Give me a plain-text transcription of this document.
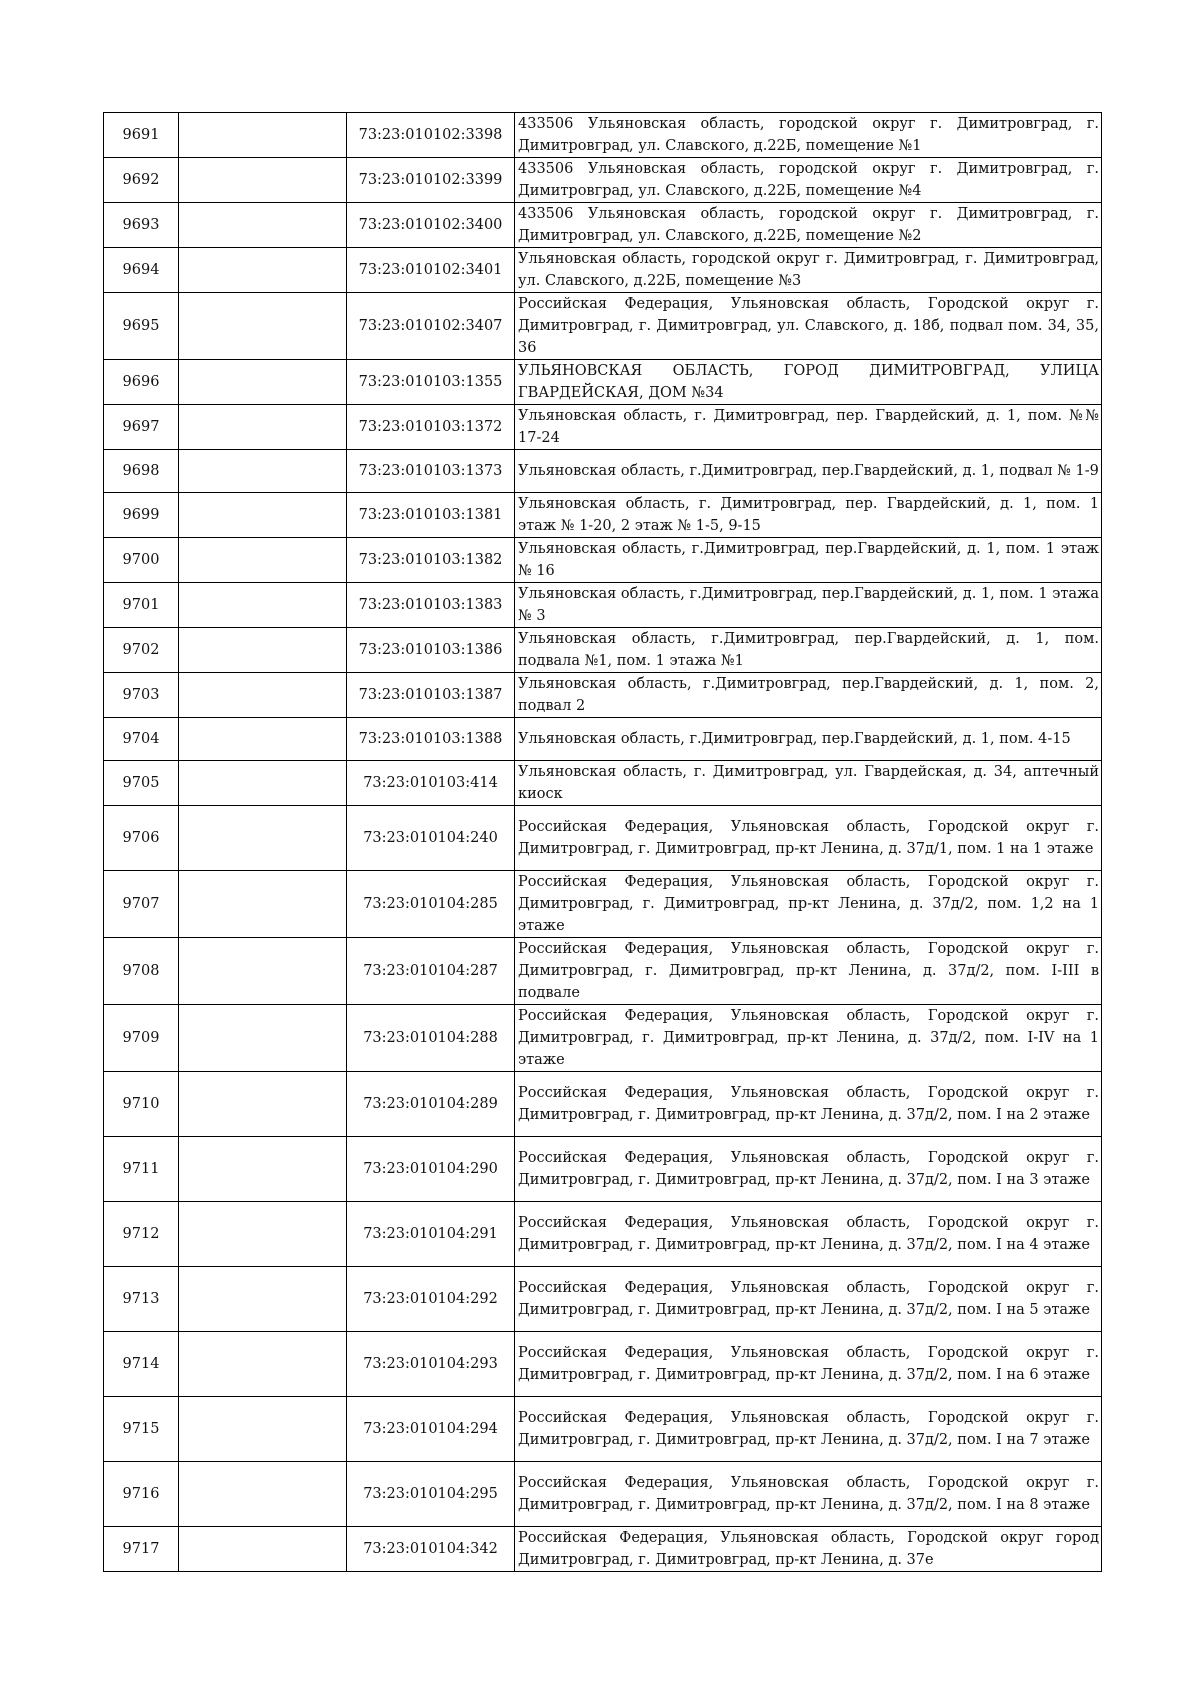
9691		73:23:010102:3398	433506 Ульяновская область, городской округ г. Димитровград, г. Димитровград, ул. Славского, д.22Б, помещение №1
9692		73:23:010102:3399	433506 Ульяновская область, городской округ г. Димитровград, г. Димитровград, ул. Славского, д.22Б, помещение №4
9693		73:23:010102:3400	433506 Ульяновская область, городской округ г. Димитровград, г. Димитровград, ул. Славского, д.22Б, помещение №2
9694		73:23:010102:3401	Ульяновская область, городской округ г. Димитровград, г. Димитровград, ул. Славского, д.22Б, помещение №3
9695		73:23:010102:3407	Российская Федерация, Ульяновская область, Городской округ г. Димитровград, г. Димитровград, ул. Славского, д. 18б, подвал пом. 34, 35, 36
9696		73:23:010103:1355	УЛЬЯНОВСКАЯ ОБЛАСТЬ, ГОРОД ДИМИТРОВГРАД, УЛИЦА ГВАРДЕЙСКАЯ, ДОМ №34
9697		73:23:010103:1372	Ульяновская область, г. Димитровград, пер. Гвардейский, д. 1, пом. №№ 17-24
9698		73:23:010103:1373	Ульяновская область, г.Димитровград, пер.Гвардейский, д. 1, подвал № 1-9
9699		73:23:010103:1381	Ульяновская область, г. Димитровград, пер. Гвардейский, д. 1, пом. 1 этаж № 1-20, 2 этаж № 1-5, 9-15
9700		73:23:010103:1382	Ульяновская область, г.Димитровград, пер.Гвардейский, д. 1, пом. 1 этаж № 16
9701		73:23:010103:1383	Ульяновская область, г.Димитровград, пер.Гвардейский, д. 1, пом. 1 этажа № 3
9702		73:23:010103:1386	Ульяновская область, г.Димитровград, пер.Гвардейский, д. 1, пом. подвала №1, пом. 1 этажа №1
9703		73:23:010103:1387	Ульяновская область, г.Димитровград, пер.Гвардейский, д. 1, пом. 2, подвал 2
9704		73:23:010103:1388	Ульяновская область, г.Димитровград, пер.Гвардейский, д. 1, пом. 4-15
9705		73:23:010103:414	Ульяновская область, г. Димитровград, ул. Гвардейская, д. 34, аптечный киоск
9706		73:23:010104:240	Российская Федерация, Ульяновская область, Городской округ г. Димитровград, г. Димитровград, пр-кт Ленина, д. 37д/1, пом. 1 на 1 этаже
9707		73:23:010104:285	Российская Федерация, Ульяновская область, Городской округ г. Димитровград, г. Димитровград, пр-кт Ленина, д. 37д/2, пом. 1,2 на 1 этаже
9708		73:23:010104:287	Российская Федерация, Ульяновская область, Городской округ г. Димитровград, г. Димитровград, пр-кт Ленина, д. 37д/2, пом. I-III в подвале
9709		73:23:010104:288	Российская Федерация, Ульяновская область, Городской округ г. Димитровград, г. Димитровград, пр-кт Ленина, д. 37д/2, пом. I-IV на 1 этаже
9710		73:23:010104:289	Российская Федерация, Ульяновская область, Городской округ г. Димитровград, г. Димитровград, пр-кт Ленина, д. 37д/2, пом. I на 2 этаже
9711		73:23:010104:290	Российская Федерация, Ульяновская область, Городской округ г. Димитровград, г. Димитровград, пр-кт Ленина, д. 37д/2, пом. I на 3 этаже
9712		73:23:010104:291	Российская Федерация, Ульяновская область, Городской округ г. Димитровград, г. Димитровград, пр-кт Ленина, д. 37д/2, пом. I на 4 этаже
9713		73:23:010104:292	Российская Федерация, Ульяновская область, Городской округ г. Димитровград, г. Димитровград, пр-кт Ленина, д. 37д/2, пом. I на 5 этаже
9714		73:23:010104:293	Российская Федерация, Ульяновская область, Городской округ г. Димитровград, г. Димитровград, пр-кт Ленина, д. 37д/2, пом. I на 6 этаже
9715		73:23:010104:294	Российская Федерация, Ульяновская область, Городской округ г. Димитровград, г. Димитровград, пр-кт Ленина, д. 37д/2, пом. I на 7 этаже
9716		73:23:010104:295	Российская Федерация, Ульяновская область, Городской округ г. Димитровград, г. Димитровград, пр-кт Ленина, д. 37д/2, пом. I на 8 этаже
9717		73:23:010104:342	Российская Федерация, Ульяновская область, Городской округ город Димитровград, г. Димитровград, пр-кт Ленина, д. 37е
